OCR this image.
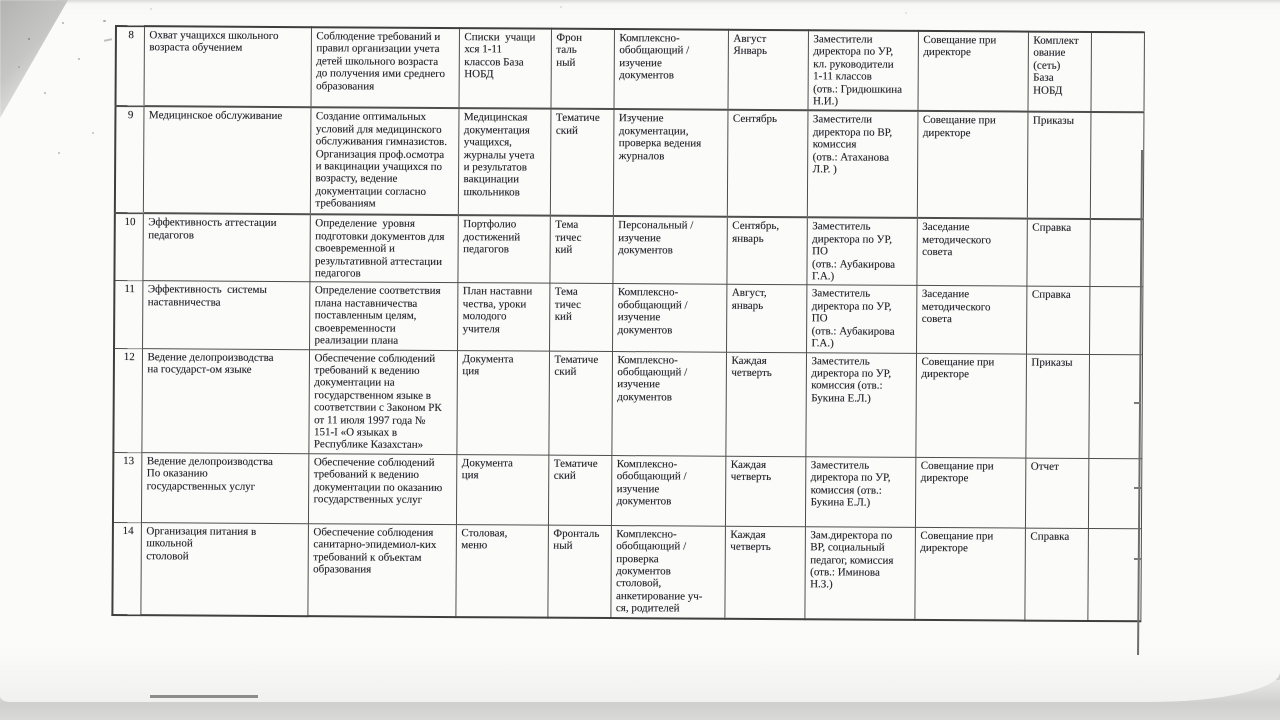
8	Охват учащихся школьного
возраста обучением	Соблюдение требований и
правил организации учета
детей школьного возраста
до получения ими среднего
образования	Списки  учащи
хся 1-11
классов База
НОБД	Фрон
таль
ный	Комплексно-
обобщающий /
изучение
документов	Август
Январь	Заместители
директора по УР,
кл. руководители
1-11 классов
(отв.: Гридюшкина
Н.И.)	Совещание при
директоре	Комплект
ование
(сеть)
База
НОБД	
9	Медицинское обслуживание	Создание оптимальных
условий для медицинского
обслуживания гимназистов.
Организация проф.осмотра
и вакцинации учащихся по
возрасту, ведение
документации согласно
требованиям	Медицинская
документация
учащихся,
журналы учета
и результатов
вакцинации
школьников	Тематиче
ский	Изучение
документации,
проверка ведения
журналов	Сентябрь	Заместители
директора по ВР,
комиссия
(отв.: Атаханова
Л.Р. )	Совещание при
директоре	Приказы	
10	Эффективность аттестации
педагогов	Определение  уровня
подготовки документов для
своевременной и
результативной аттестации
педагогов	Портфолио
достижений
педагогов	Тема
тичес
кий	Персональный /
изучение
документов	Сентябрь,
январь	Заместитель
директора по УР,
ПО
(отв.: Аубакирова
Г.А.)	Заседание
методического
совета	Справка	
11	Эффективность  системы
наставничества	Определение соответствия
плана наставничества
поставленным целям,
своевременности
реализации плана	План наставни
чества, уроки
молодого
учителя	Тема
тичес
кий	Комплексно-
обобщающий /
изучение
документов	Август,
январь	Заместитель
директора по УР,
ПО
(отв.: Аубакирова
Г.А.)	Заседание
методического
совета	Справка	
12	Ведение делопроизводства
на государст-ом языке	Обеспечение соблюдений
требований к ведению
документации на
государственном языке в
соответствии с Законом РК
от 11 июля 1997 года №
151-I «О языках в
Республике Казахстан»	Документа
ция	Тематиче
ский	Комплексно-
обобщающий /
изучение
документов	Каждая
четверть	Заместитель
директора по УР,
комиссия (отв.:
Букина Е.Л.)	Совещание при
директоре	Приказы	
13	Ведение делопроизводства
По оказанию
государственных услуг	Обеспечение соблюдений
требований к ведению
документации по оказанию
государственных услуг	Документа
ция	Тематиче
ский	Комплексно-
обобщающий /
изучение
документов	Каждая
четверть	Заместитель
директора по УР,
комиссия (отв.:
Букина Е.Л.)	Совещание при
директоре	Отчет	
14	Организация питания в
школьной
столовой	Обеспечение соблюдения
санитарно-эпидемиол-ких
требований к объектам
образования	Столовая,
меню	Фронталь
ный	Комплексно-
обобщающий /
проверка
документов
столовой,
анкетирование уч-
ся, родителей	Каждая
четверть	Зам.директора по
ВР, социальный
педагог, комиссия
(отв.: Иминова
Н.З.)	Совещание при
директоре	Справка	
